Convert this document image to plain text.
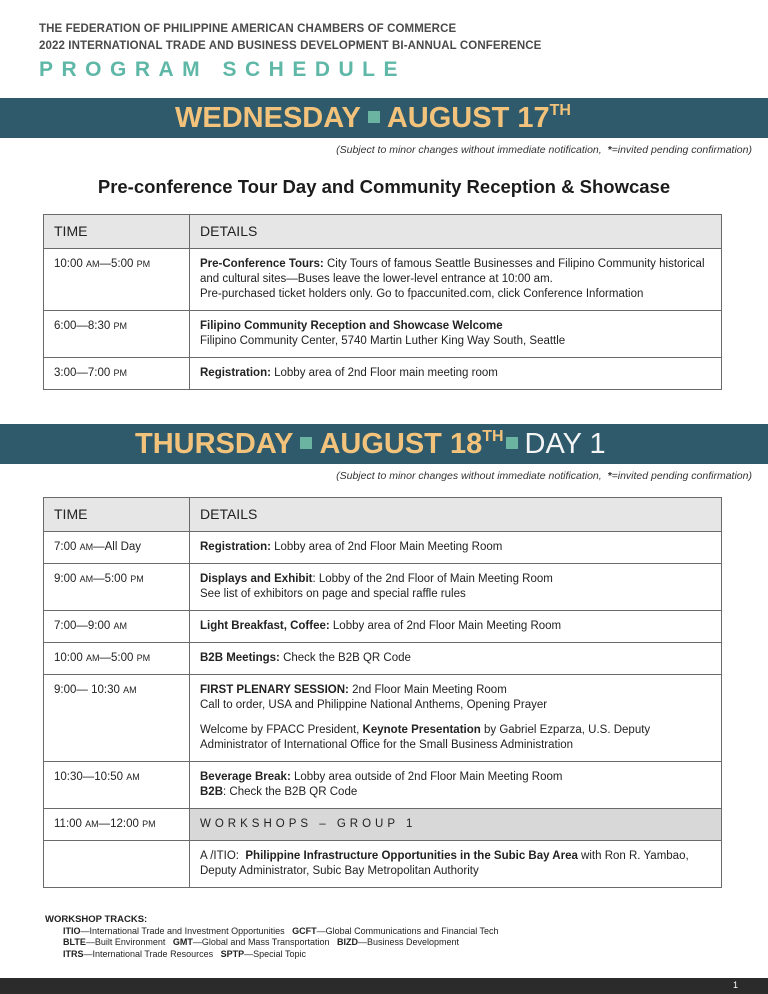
THE FEDERATION OF PHILIPPINE AMERICAN CHAMBERS OF COMMERCE
2022 INTERNATIONAL TRADE AND BUSINESS DEVELOPMENT BI-ANNUAL CONFERENCE
PROGRAM SCHEDULE
WEDNESDAY AUGUST 17TH
(Subject to minor changes without immediate notification, *=invited pending confirmation)
Pre-conference Tour Day and Community Reception & Showcase
TIME	DETAILS
10:00 AM—5:00 PM	Pre-Conference Tours: City Tours of famous Seattle Businesses and Filipino Community historical and cultural sites—Buses leave the lower-level entrance at 10:00 am.
Pre-purchased ticket holders only. Go to fpaccunited.com, click Conference Information
6:00—8:30 PM	Filipino Community Reception and Showcase Welcome
Filipino Community Center, 5740 Martin Luther King Way South, Seattle
3:00—7:00 PM	Registration: Lobby area of 2nd Floor main meeting room
THURSDAY AUGUST 18TH DAY 1
(Subject to minor changes without immediate notification, *=invited pending confirmation)
TIME	DETAILS
7:00 AM—All Day	Registration: Lobby area of 2nd Floor Main Meeting Room
9:00 AM—5:00 PM	Displays and Exhibit: Lobby of the 2nd Floor of Main Meeting Room
See list of exhibitors on page and special raffle rules
7:00—9:00 AM	Light Breakfast, Coffee: Lobby area of 2nd Floor Main Meeting Room
10:00 AM—5:00 PM	B2B Meetings: Check the B2B QR Code
9:00— 10:30 AM	FIRST PLENARY SESSION: 2nd Floor Main Meeting Room
Call to order, USA and Philippine National Anthems, Opening Prayer
Welcome by FPACC President, Keynote Presentation by Gabriel Ezparza, U.S. Deputy Administrator of International Office for the Small Business Administration
10:30—10:50 AM	Beverage Break: Lobby area outside of 2nd Floor Main Meeting Room
B2B: Check the B2B QR Code
11:00 AM—12:00 PM	WORKSHOPS – GROUP 1
	A /ITIO:  Philippine Infrastructure Opportunities in the Subic Bay Area with Ron R. Yambao, Deputy Administrator, Subic Bay Metropolitan Authority
WORKSHOP TRACKS:
ITIO—International Trade and Investment Opportunities GCFT—Global Communications and Financial Tech
BLTE—Built Environment GMT—Global and Mass Transportation BIZD—Business Development
ITRS—International Trade Resources SPTP—Special Topic
1
